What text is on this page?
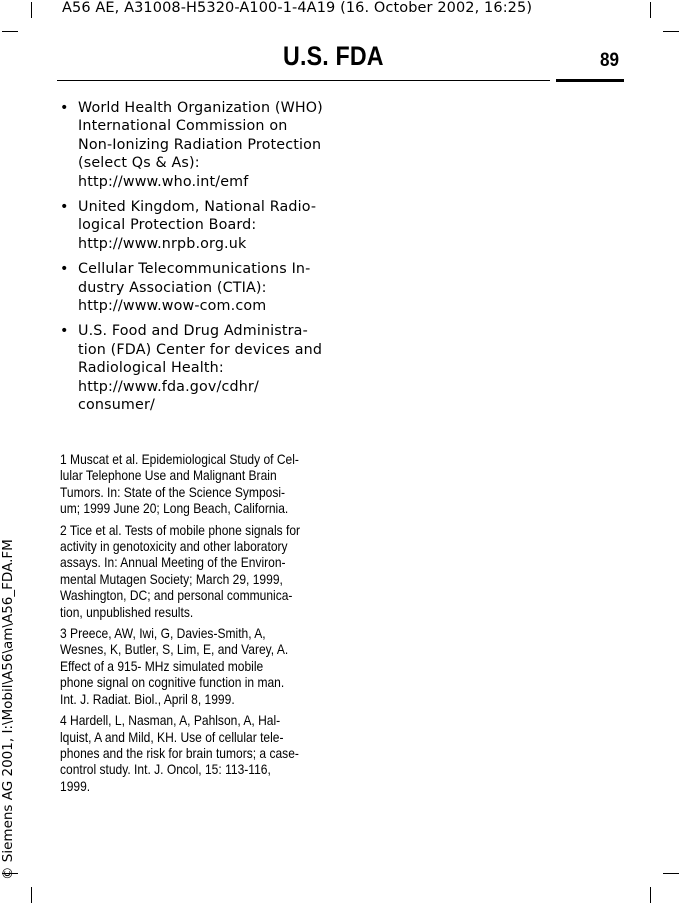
A56 AE, A31008-H5320-A100-1-4A19 (16. October 2002, 16:25)
U.S. FDA	89
© Siemens AG 2001, I:\Mobil\A56\am\A56_FDA.FM
• World Health Organization (WHO)
International Commission on
Non-Ionizing Radiation Protection
(select Qs & As):
http://www.who.int/emf
• United Kingdom, National Radio-
logical Protection Board:
http://www.nrpb.org.uk
• Cellular Telecommunications In-
dustry Association (CTIA):
http://www.wow-com.com
• U.S. Food and Drug Administra-
tion (FDA) Center for devices and
Radiological Health:
http://www.fda.gov/cdhr/
consumer/
1 Muscat et al. Epidemiological Study of Cel-
lular Telephone Use and Malignant Brain
Tumors. In: State of the Science Symposi-
um; 1999 June 20; Long Beach, California.
2 Tice et al. Tests of mobile phone signals for
activity in genotoxicity and other laboratory
assays. In: Annual Meeting of the Environ-
mental Mutagen Society; March 29, 1999,
Washington, DC; and personal communica-
tion, unpublished results.
3 Preece, AW, Iwi, G, Davies-Smith, A,
Wesnes, K, Butler, S, Lim, E, and Varey, A.
Effect of a 915- MHz simulated mobile
phone signal on cognitive function in man.
Int. J. Radiat. Biol., April 8, 1999.
4 Hardell, L, Nasman, A, Pahlson, A, Hal-
lquist, A and Mild, KH. Use of cellular tele-
phones and the risk for brain tumors; a case-
control study. Int. J. Oncol, 15: 113-116,
1999.
